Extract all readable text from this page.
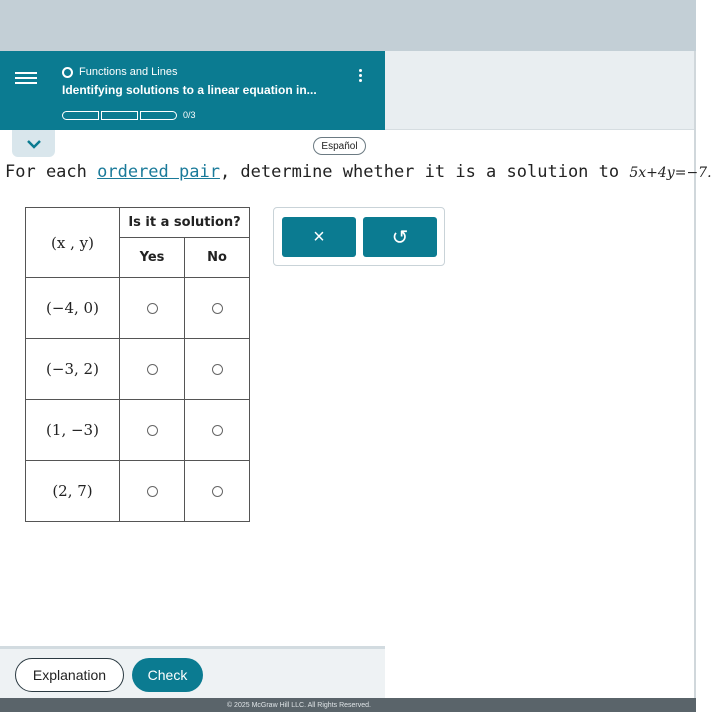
Functions and Lines
Identifying solutions to a linear equation in...
0/3
Español
For each ordered pair, determine whether it is a solution to 5x+4y=−7.
(x , y)	Is it a solution?	
	Yes	No
(−4, 0)		
(−3, 2)		
(1, −3)		
(2, 7)		
×	↺
Explanation	Check
© 2025 McGraw Hill LLC. All Rights Reserved.
